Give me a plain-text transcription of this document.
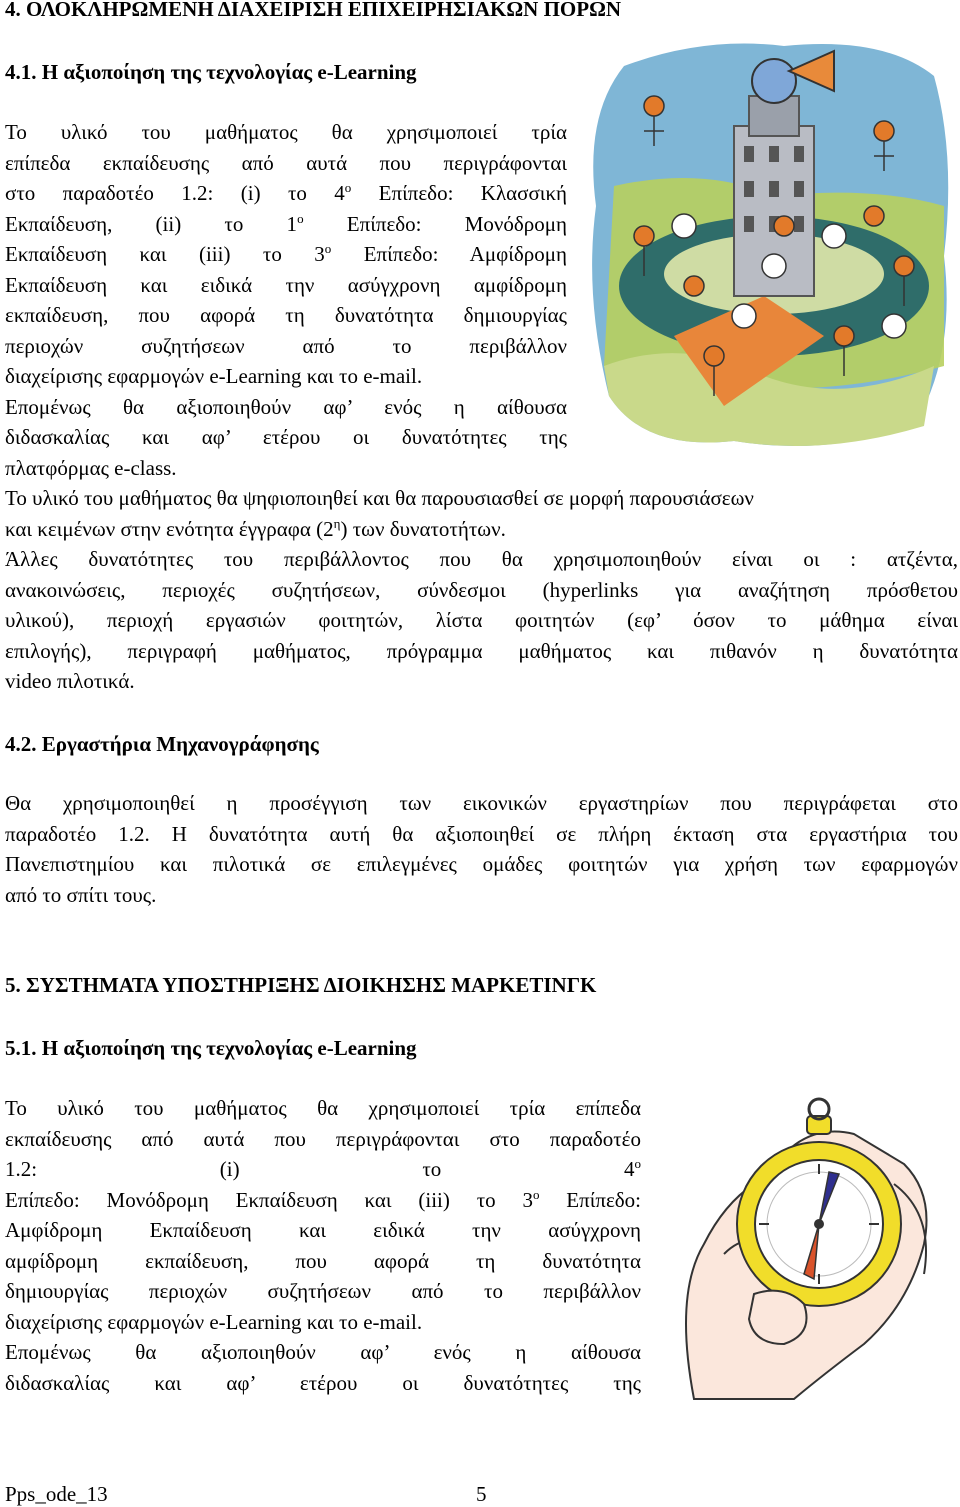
4. ΟΛΟΚΛΗΡΩΜΕΝΗ ΔΙΑΧΕΙΡΙΣΗ ΕΠΙΧΕΙΡΗΣΙΑΚΩΝ ΠΟΡΩΝ
4.1. Η αξιοποίηση της τεχνολογίας e-Learning
Το υλικό του μαθήματος θα χρησιμοποιεί τρία
επίπεδα εκπαίδευσης από αυτά που περιγράφονται
στο παραδοτέο 1.2: (i) το $4^o$ Επίπεδο: Κλασσική
Εκπαίδευση, (ii) το $1^o$ Επίπεδο: Μονόδρομη
Εκπαίδευση και (iii) το $3^o$ Επίπεδο: Αμφίδρομη
Εκπαίδευση και ειδικά την ασύγχρονη αμφίδρομη
εκπαίδευση, που αφορά τη δυνατότητα δημιουργίας
περιοχών συζητήσεων από το περιβάλλον
διαχείρισης εφαρμογών e-Learning και το e-mail.
Επομένως θα αξιοποιηθούν αφ’ ενός η αίθουσα
διδασκαλίας και αφ’ ετέρου οι δυνατότητες της
πλατφόρμας e-class.
Το υλικό του μαθήματος θα ψηφιοποιηθεί και θα παρουσιασθεί σε μορφή παρουσιάσεων
και κειμένων στην ενότητα έγγραφα $(2^\eta)$ των δυνατοτήτων.
Άλλες δυνατότητες του περιβάλλοντος που θα χρησιμοποιηθούν είναι οι : ατζέντα,
ανακοινώσεις, περιοχές συζητήσεων, σύνδεσμοι (hyperlinks για αναζήτηση πρόσθετου
υλικού), περιοχή εργασιών φοιτητών, λίστα φοιτητών (εφ’ όσον το μάθημα είναι
επιλογής), περιγραφή μαθήματος, πρόγραμμα μαθήματος και πιθανόν η δυνατότητα
video πιλοτικά.
4.2. Εργαστήρια Μηχανογράφησης
Θα χρησιμοποιηθεί η προσέγγιση των εικονικών εργαστηρίων που περιγράφεται στο
παραδοτέο 1.2. Η δυνατότητα αυτή θα αξιοποιηθεί σε πλήρη έκταση στα εργαστήρια του
Πανεπιστημίου και πιλοτικά σε επιλεγμένες ομάδες φοιτητών για χρήση των εφαρμογών
από το σπίτι τους.
5. ΣΥΣΤΗΜΑΤΑ ΥΠΟΣΤΗΡΙΞΗΣ ΔΙΟΙΚΗΣΗΣ ΜΑΡΚΕΤΙΝΓΚ
5.1. Η αξιοποίηση της τεχνολογίας e-Learning
Το υλικό του μαθήματος θα χρησιμοποιεί τρία επίπεδα
εκπαίδευσης από αυτά που περιγράφονται στο παραδοτέο
1.2: (i) το $4^o$
Επίπεδο: Μονόδρομη Εκπαίδευση και (iii) το $3^o$ Επίπεδο:
Αμφίδρομη Εκπαίδευση και ειδικά την ασύγχρονη
αμφίδρομη εκπαίδευση, που αφορά τη δυνατότητα
δημιουργίας περιοχών συζητήσεων από το περιβάλλον
διαχείρισης εφαρμογών e-Learning και το e-mail.
Επομένως θα αξιοποιηθούν αφ’ ενός η αίθουσα
διδασκαλίας και αφ’ ετέρου οι δυνατότητες της
Pps_ode_13	5
